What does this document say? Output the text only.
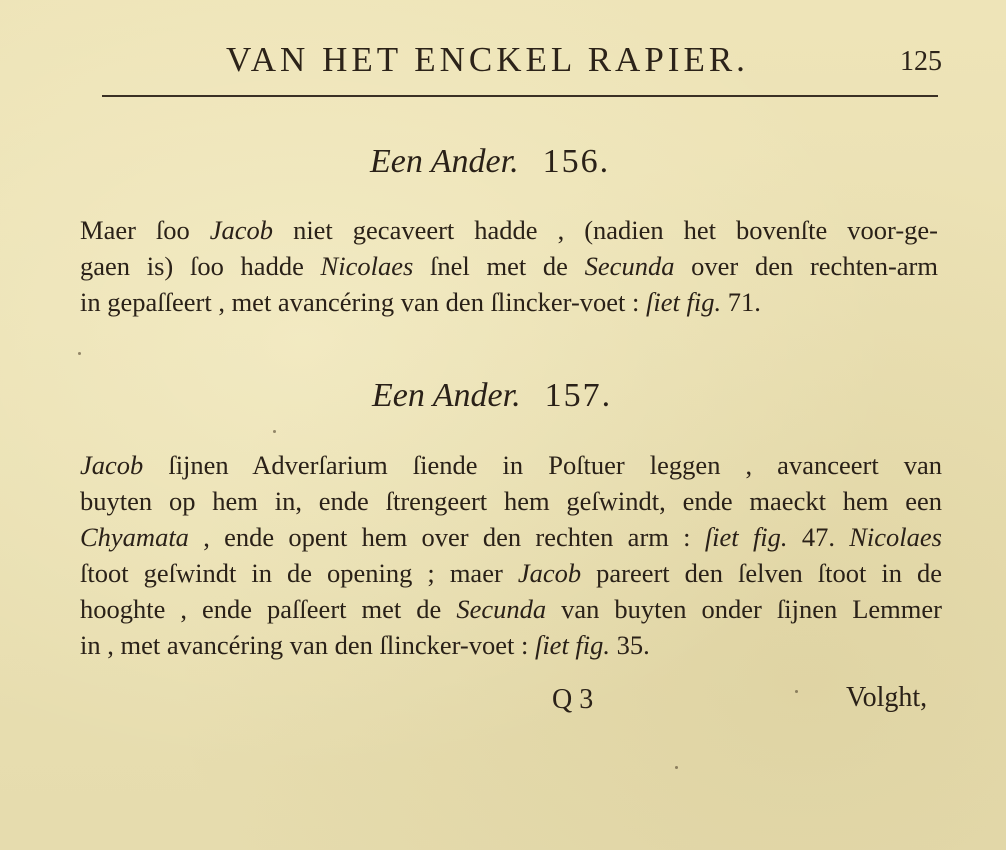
VAN HET ENCKEL RAPIER.	125
Een Ander. 156.
Maer ſoo Jacob niet gecaveert hadde , (nadien het bovenſte voor-ge-
gaen is) ſoo hadde Nicolaes ſnel met de Secunda over den rechten-arm
in gepaſſeert , met avancéring van den ſlincker-voet : ſiet fig. 71.
Een Ander. 157.
Jacob ſijnen Adverſarium ſiende in Poſtuer leggen , avanceert van
buyten op hem in, ende ſtrengeert hem geſwindt, ende maeckt hem een
Chyamata , ende opent hem over den rechten arm : ſiet fig. 47. Nicolaes
ſtoot geſwindt in de opening ; maer Jacob pareert den ſelven ſtoot in de
hooghte , ende paſſeert met de Secunda van buyten onder ſijnen Lemmer
in , met avancéring van den ſlincker-voet : ſiet fig. 35.
Q 3	Volght,
